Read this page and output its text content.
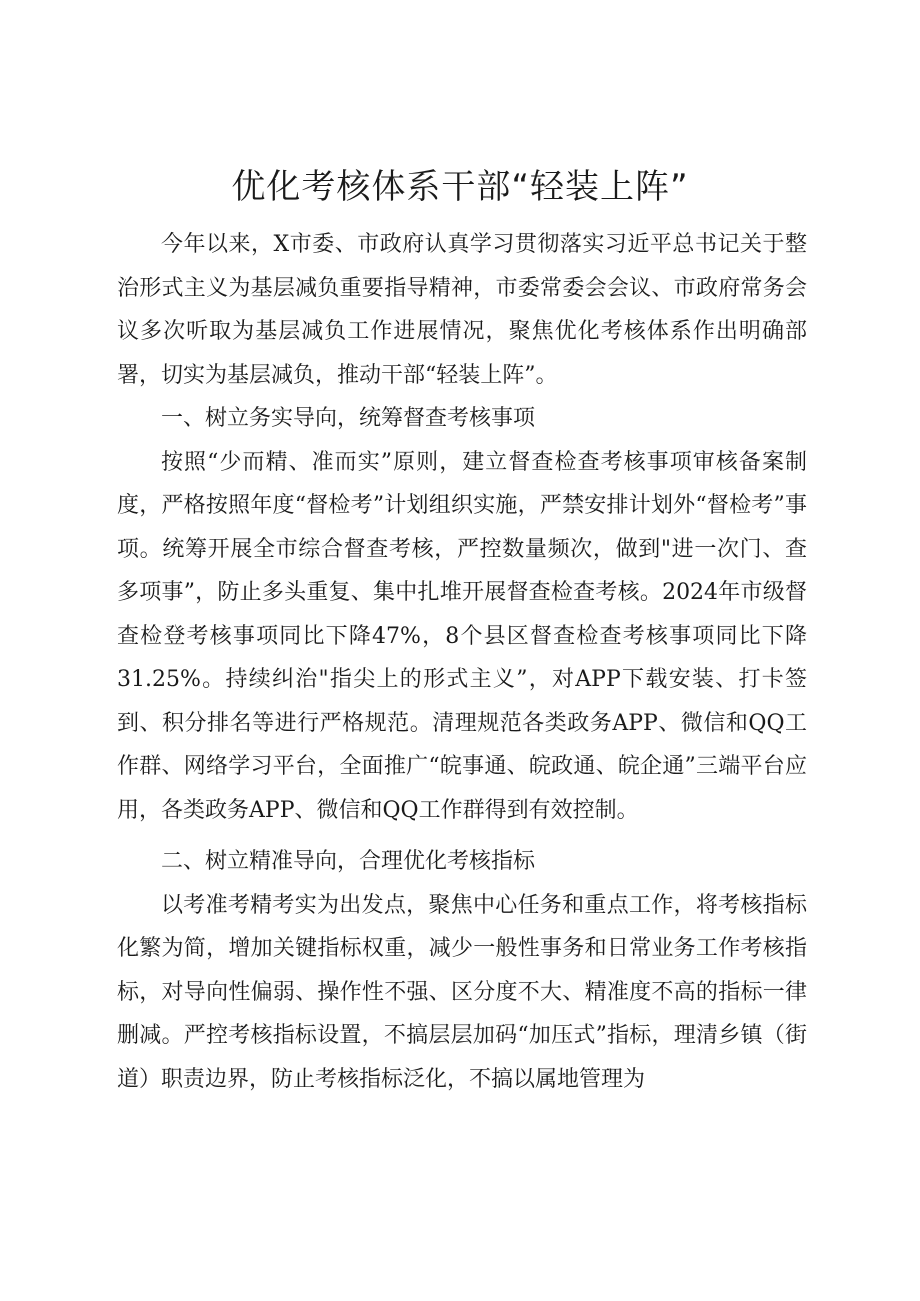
优化考核体系干部“轻装上阵”

今年以来，X市委、市政府认真学习贯彻落实习近平总书记关于整治形式主义为基层减负重要指导精神，市委常委会会议、市政府常务会议多次听取为基层减负工作进展情况，聚焦优化考核体系作出明确部署，切实为基层减负，推动干部“轻装上阵”。

一、树立务实导向，统筹督查考核事项

按照“少而精、准而实”原则，建立督查检查考核事项审核备案制度，严格按照年度“督检考”计划组织实施，严禁安排计划外“督检考”事项。统筹开展全市综合督查考核，严控数量频次，做到"进一次门、查多项事”，防止多头重复、集中扎堆开展督查检查考核。2024年市级督查检登考核事项同比下降47%，8个县区督查检查考核事项同比下降31.25%。持续纠治"指尖上的形式主义”，对APP下载安装、打卡签到、积分排名等进行严格规范。清理规范各类政务APP、微信和QQ工作群、网络学习平台，全面推广“皖事通、皖政通、皖企通”三端平台应用，各类政务APP、微信和QQ工作群得到有效控制。

二、树立精准导向，合理优化考核指标

以考准考精考实为出发点，聚焦中心任务和重点工作，将考核指标化繁为简，增加关键指标权重，减少一般性事务和日常业务工作考核指标，对导向性偏弱、操作性不强、区分度不大、精准度不高的指标一律删减。严控考核指标设置，不搞层层加码“加压式”指标，理清乡镇（街道）职责边界，防止考核指标泛化，不搞以属地管理为
